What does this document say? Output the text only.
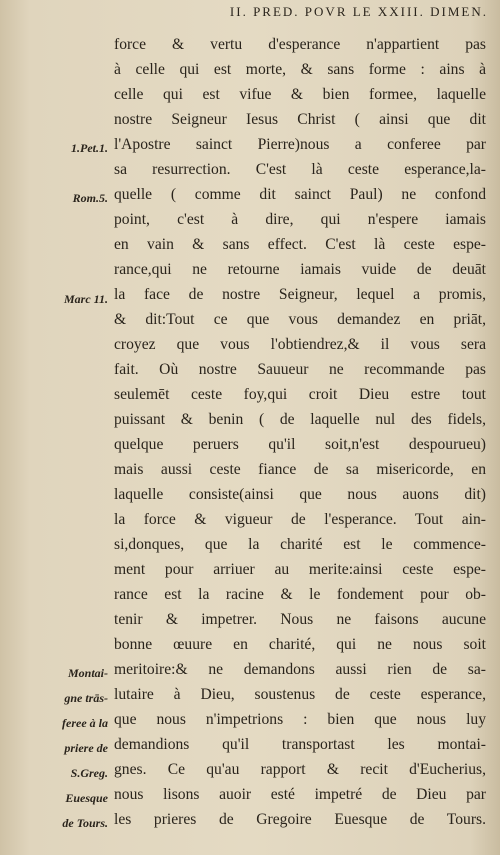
II. PRED. POVR LE XXIII. DIMEN.
force & vertu d'esperance n'appartient pas
à celle qui est morte, & sans forme : ains à
celle qui est vifue & bien formee, laquelle
nostre Seigneur Iesus Christ ( ainsi que dit
l'Apostre sainct Pierre)nous a conferee par
sa resurrection. C'est là ceste esperance,la-
quelle ( comme dit sainct Paul) ne confond
point, c'est à dire, qui n'espere iamais
en vain & sans effect. C'est là ceste espe-
rance,qui ne retourne iamais vuide de deuāt
la face de nostre Seigneur, lequel a promis,
& dit:Tout ce que vous demandez en priāt,
croyez que vous l'obtiendrez,& il vous sera
fait. Où nostre Sauueur ne recommande pas
seulemēt ceste foy,qui croit Dieu estre tout
puissant & benin ( de laquelle nul des fidels,
quelque peruers qu'il soit,n'est despourueu)
mais aussi ceste fiance de sa misericorde, en
laquelle consiste(ainsi que nous auons dit)
la force & vigueur de l'esperance. Tout ain-
si,donques, que la charité est le commence-
ment pour arriuer au merite:ainsi ceste espe-
rance est la racine & le fondement pour ob-
tenir & impetrer. Nous ne faisons aucune
bonne œuure en charité, qui ne nous soit
meritoire:& ne demandons aussi rien de sa-
lutaire à Dieu, soustenus de ceste esperance,
que nous n'impetrions : bien que nous luy
demandions qu'il transportast les montai-
gnes. Ce qu'au rapport & recit d'Eucherius,
nous lisons auoir esté impetré de Dieu par
les prieres de Gregoire Euesque de Tours.
1.Pet.1.
Rom.5.
Marc 11.
Montai-
gne trās-
feree à la
priere de
S.Greg.
Euesque
de Tours.
